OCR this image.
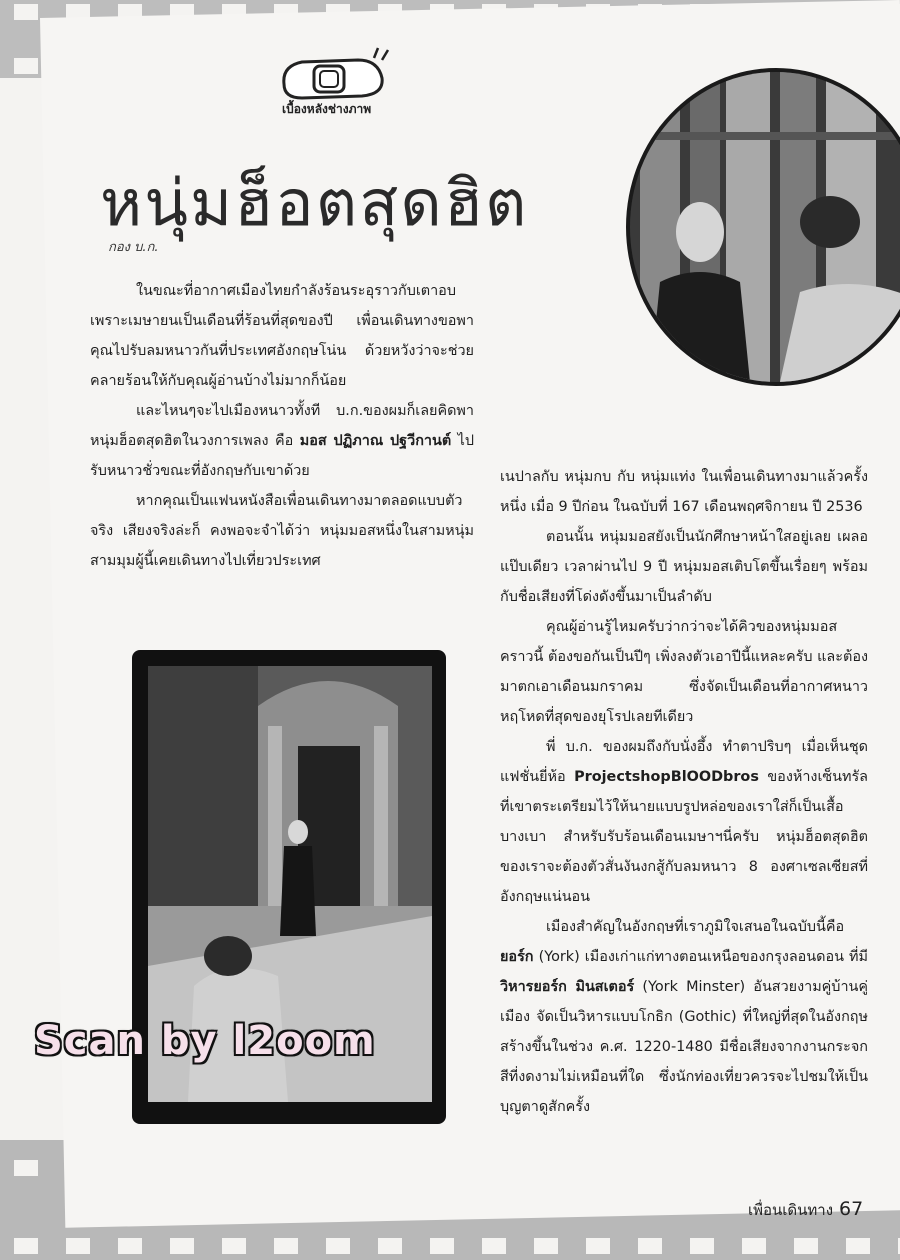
เบื้องหลังช่างภาพ
หนุ่มฮ็อตสุดฮิต
กอง บ.ก.

ในขณะที่อากาศเมืองไทยกำลังร้อนระอุราวกับเตาอบ เพราะเมษายนเป็นเดือนที่ร้อนที่สุดของปี เพื่อนเดินทางขอพาคุณไปรับลมหนาวกันที่ประเทศอังกฤษโน่น ด้วยหวังว่าจะช่วยคลายร้อนให้กับคุณผู้อ่านบ้างไม่มากก็น้อย

และไหนๆจะไปเมืองหนาวทั้งที บ.ก.ของผมก็เลยคิดพาหนุ่มฮ็อตสุดฮิตในวงการเพลง คือ มอส ปฏิภาณ ปฐวีกานต์ ไปรับหนาวชั่วขณะที่อังกฤษกับเขาด้วย

หากคุณเป็นแฟนหนังสือเพื่อนเดินทางมาตลอดแบบตัวจริง เสียงจริงล่ะก็ คงพอจะจำได้ว่า หนุ่มมอสหนึ่งในสามหนุ่มสามมุมผู้นี้เคยเดินทางไปเที่ยวประเทศ

เนปาลกับ หนุ่มกบ กับ หนุ่มแท่ง ในเพื่อนเดินทางมาแล้วครั้งหนึ่ง เมื่อ 9 ปีก่อน ในฉบับที่ 167 เดือนพฤศจิกายน ปี 2536

ตอนนั้น หนุ่มมอสยังเป็นนักศึกษาหน้าใสอยู่เลย เผลอแป๊บเดียว เวลาผ่านไป 9 ปี หนุ่มมอสเติบโตขึ้นเรื่อยๆ พร้อมกับชื่อเสียงที่โด่งดังขึ้นมาเป็นลำดับ

คุณผู้อ่านรู้ไหมครับว่ากว่าจะได้คิวของหนุ่มมอสคราวนี้ ต้องขอกันเป็นปีๆ เพิ่งลงตัวเอาปีนี้แหละครับ และต้องมาตกเอาเดือนมกราคม ซึ่งจัดเป็นเดือนที่อากาศหนาวหฤโหดที่สุดของยุโรปเลยทีเดียว

พี่ บ.ก. ของผมถึงกับนั่งอึ้ง ทำตาปริบๆ เมื่อเห็นชุดแฟชั่นยี่ห้อ ProjectshopBlOODbros ของห้างเซ็นทรัล ที่เขาตระเตรียมไว้ให้นายแบบรูปหล่อของเราใส่ก็เป็นเสื้อบางเบา สำหรับรับร้อนเดือนเมษาฯนี่ครับ หนุ่มฮ็อตสุดฮิตของเราจะต้องตัวสั่นงันงกสู้กับลมหนาว 8 องศาเซลเซียสที่อังกฤษแน่นอน

เมืองสำคัญในอังกฤษที่เราภูมิใจเสนอในฉบับนี้คือ ยอร์ก (York) เมืองเก่าแก่ทางตอนเหนือของกรุงลอนดอน ที่มี วิหารยอร์ก มินสเตอร์ (York Minster) อันสวยงามคู่บ้านคู่เมือง จัดเป็นวิหารแบบโกธิก (Gothic) ที่ใหญ่ที่สุดในอังกฤษ สร้างขึ้นในช่วง ค.ศ. 1220-1480 มีชื่อเสียงจากงานกระจกสีที่งดงามไม่เหมือนที่ใด ซึ่งนักท่องเที่ยวควรจะไปชมให้เป็นบุญตาดูสักครั้ง

Scan by l2oom
เพื่อนเดินทาง 67
